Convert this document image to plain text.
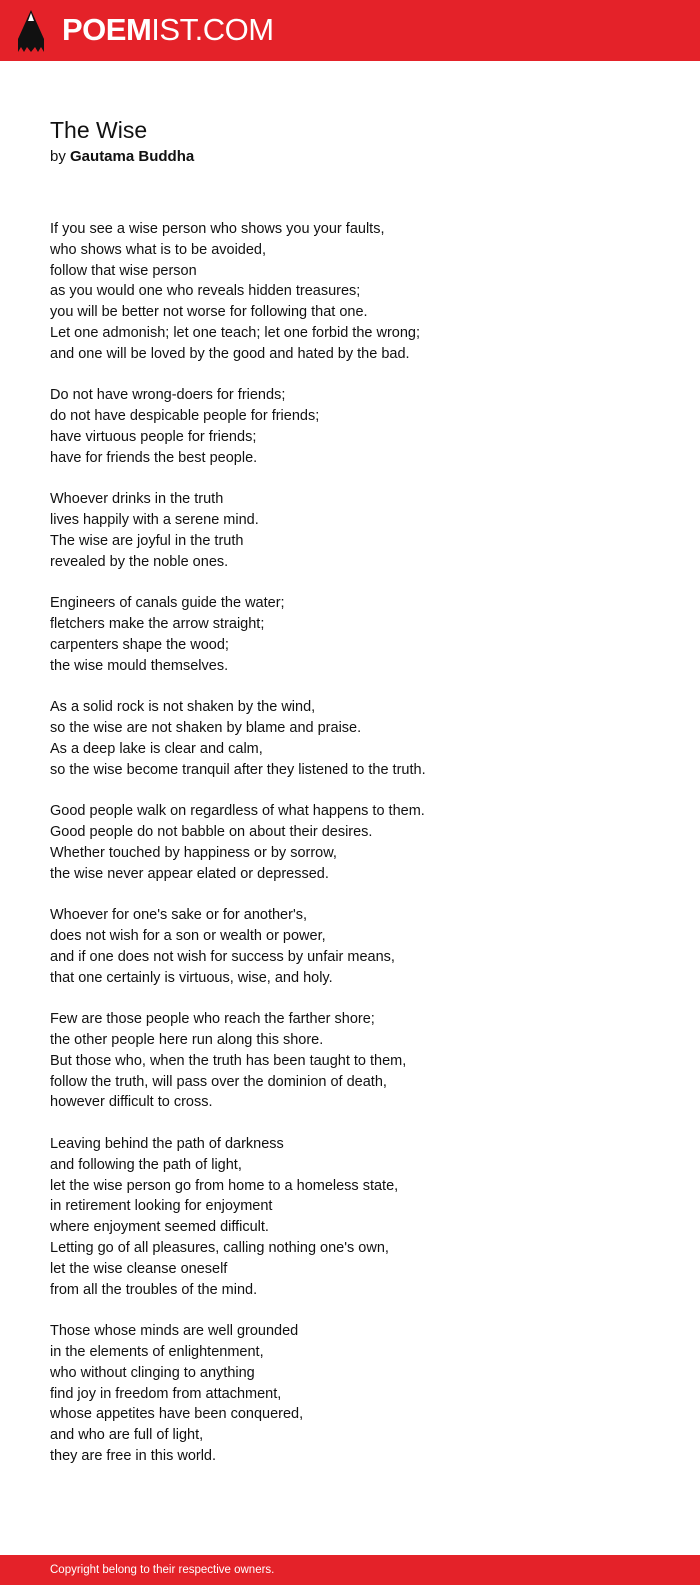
POEMIST.COM
The Wise

by Gautama Buddha

If you see a wise person who shows you your faults,
who shows what is to be avoided,
follow that wise person
as you would one who reveals hidden treasures;
you will be better not worse for following that one.
Let one admonish; let one teach; let one forbid the wrong;
and one will be loved by the good and hated by the bad.

Do not have wrong-doers for friends;
do not have despicable people for friends;
have virtuous people for friends;
have for friends the best people.

Whoever drinks in the truth
lives happily with a serene mind.
The wise are joyful in the truth
revealed by the noble ones.

Engineers of canals guide the water;
fletchers make the arrow straight;
carpenters shape the wood;
the wise mould themselves.

As a solid rock is not shaken by the wind,
so the wise are not shaken by blame and praise.
As a deep lake is clear and calm,
so the wise become tranquil after they listened to the truth.

Good people walk on regardless of what happens to them.
Good people do not babble on about their desires.
Whether touched by happiness or by sorrow,
the wise never appear elated or depressed.

Whoever for one's sake or for another's,
does not wish for a son or wealth or power,
and if one does not wish for success by unfair means,
that one certainly is virtuous, wise, and holy.

Few are those people who reach the farther shore;
the other people here run along this shore.
But those who, when the truth has been taught to them,
follow the truth, will pass over the dominion of death,
however difficult to cross.

Leaving behind the path of darkness
and following the path of light,
let the wise person go from home to a homeless state,
in retirement looking for enjoyment
where enjoyment seemed difficult.
Letting go of all pleasures, calling nothing one's own,
let the wise cleanse oneself
from all the troubles of the mind.

Those whose minds are well grounded
in the elements of enlightenment,
who without clinging to anything
find joy in freedom from attachment,
whose appetites have been conquered,
and who are full of light,
they are free in this world.

Copyright belong to their respective owners.
